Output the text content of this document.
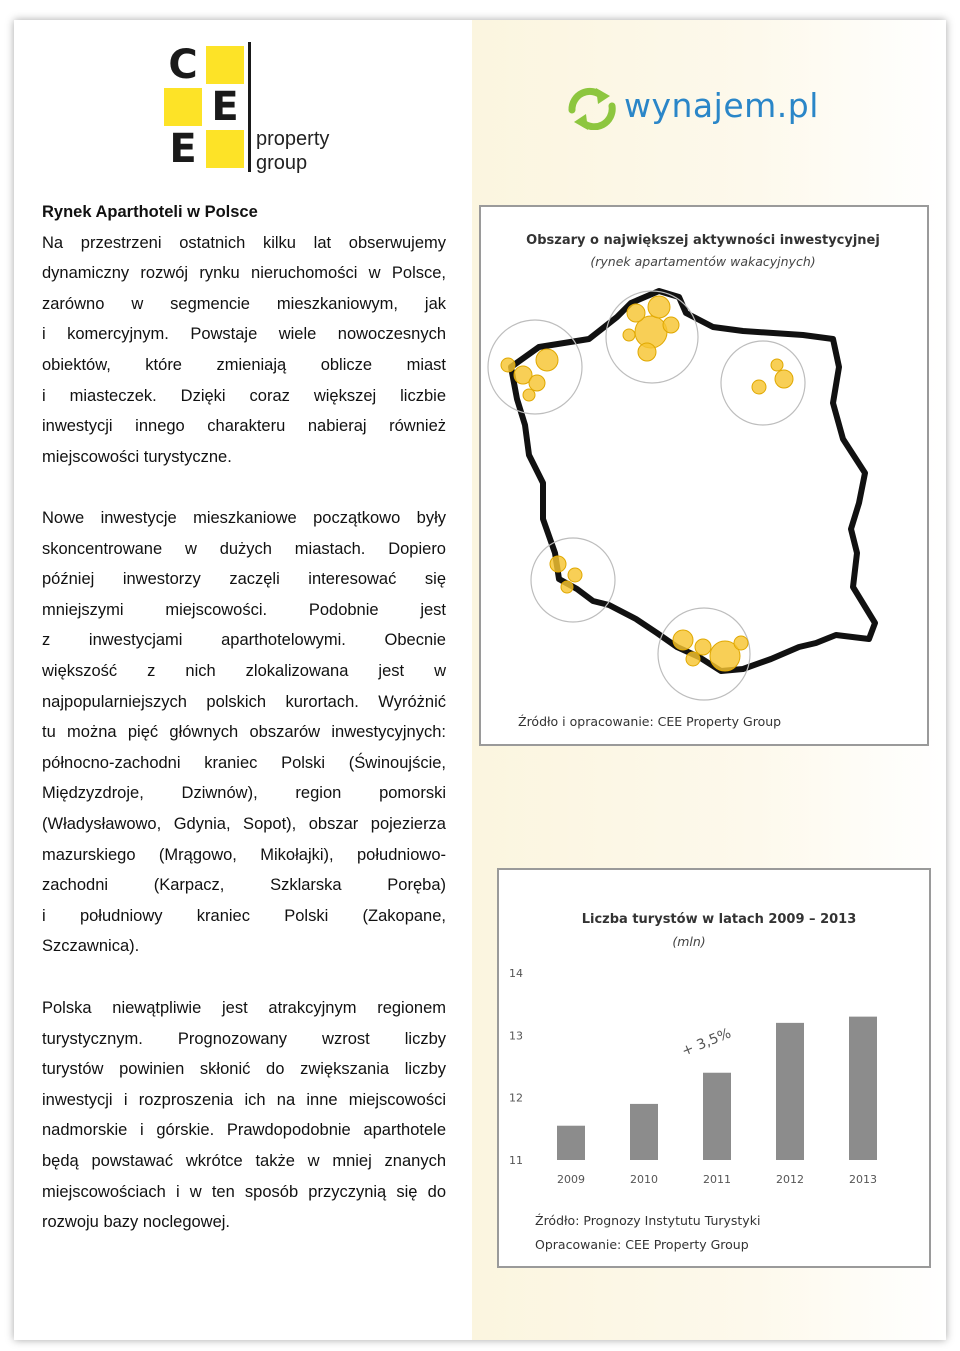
C
E
E	property
group
wynajem.pl
Rynek Aparthoteli w Polsce

Na przestrzeni ostatnich kilku lat obserwujemy

dynamiczny rozwój rynku nieruchomości w Polsce,

zarówno w segmencie mieszkaniowym, jak

i komercyjnym. Powstaje wiele nowoczesnych

obiektów, które zmieniają oblicze miast

i miasteczek. Dzięki coraz większej liczbie

inwestycji innego charakteru nabieraj również

miejscowości turystyczne.

Nowe inwestycje mieszkaniowe początkowo były

skoncentrowane w dużych miastach. Dopiero

później inwestorzy zaczęli interesować się

mniejszymi miejscowości. Podobnie jest

z inwestycjami aparthotelowymi. Obecnie

większość z nich zlokalizowana jest w

najpopularniejszych polskich kurortach. Wyróżnić

tu można pięć głównych obszarów inwestycyjnych:

północno-zachodni kraniec Polski (Świnoujście,

Międzyzdroje, Dziwnów), region pomorski

(Władysławowo, Gdynia, Sopot), obszar pojezierza

mazurskiego (Mrągowo, Mikołajki), południowo-

zachodni (Karpacz, Szklarska Poręba)

i południowy kraniec Polski (Zakopane,

Szczawnica).

Polska niewątpliwie jest atrakcyjnym regionem

turystycznym. Prognozowany wzrost liczby

turystów powinien skłonić do zwiększania liczby

inwestycji i rozproszenia ich na inne miejscowości

nadmorskie i górskie. Prawdopodobnie aparthotele

będą powstawać wkrótce także w mniej znanych

miejscowościach i w ten sposób przyczynią się do

rozwoju bazy noclegowej.

Obszary o największej aktywności inwestycyjnej
(rynek apartamentów wakacyjnych)
Źródło i opracowanie: CEE Property Group
Liczba turystów w latach 2009 – 2013
(mln)
14
13
12
11
2009	2010	2011	2012	2013
+ 3,5%
Źródło: Prognozy Instytutu Turystyki
Opracowanie: CEE Property Group
